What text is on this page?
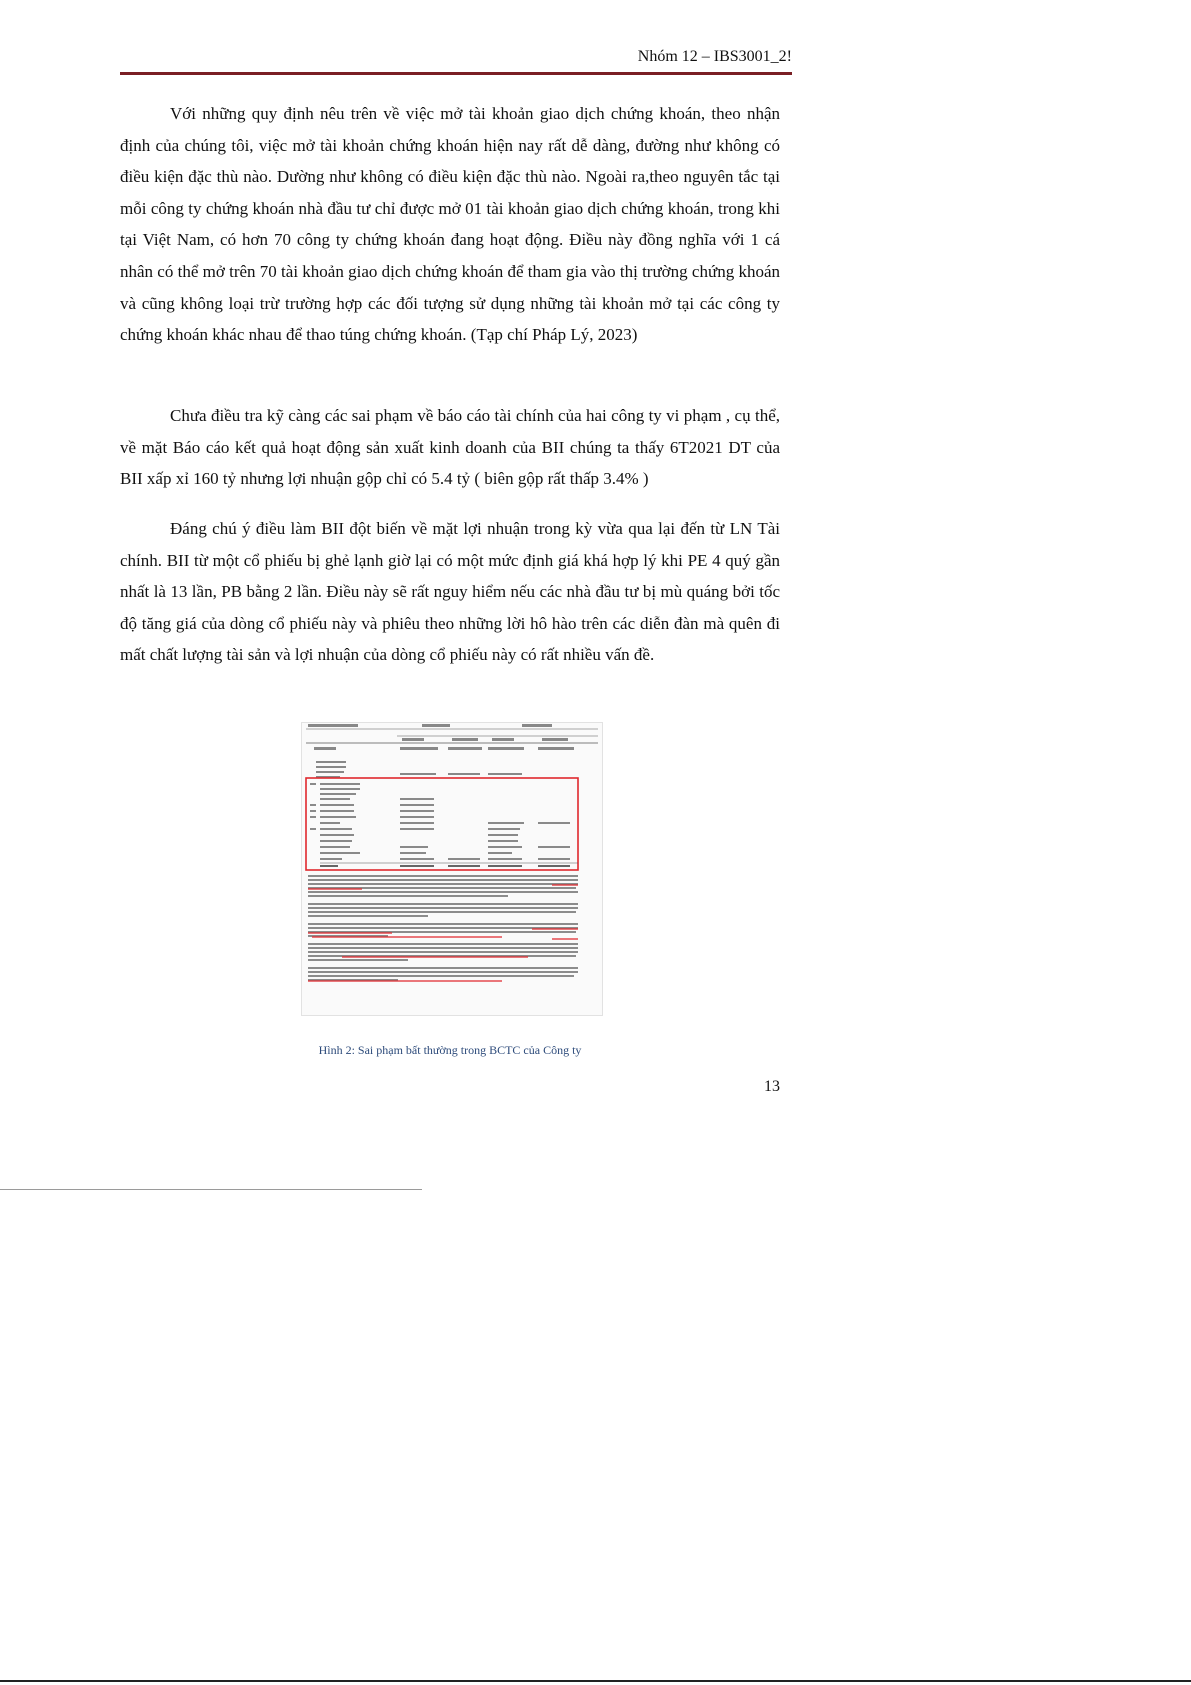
Nhóm 12 – IBS3001_2!

Với những quy định nêu trên về việc mở tài khoản giao dịch chứng khoán, theo nhận định của chúng tôi, việc mở tài khoản chứng khoán hiện nay rất dễ dàng, đường như không có điều kiện đặc thù nào. Dường như không có điều kiện đặc thù nào. Ngoài ra,theo nguyên tắc tại mỗi công ty chứng khoán nhà đầu tư chỉ được mở 01 tài khoản giao dịch chứng khoán, trong khi tại Việt Nam, có hơn 70 công ty chứng khoán đang hoạt động. Điều này đồng nghĩa với 1 cá nhân có thể mở trên 70 tài khoản giao dịch chứng khoán để tham gia vào thị trường chứng khoán và cũng không loại trừ trường hợp các đối tượng sử dụng những tài khoản mở tại các công ty chứng khoán khác nhau để thao túng chứng khoán. (Tạp chí Pháp Lý, 2023)

Chưa điều tra kỹ càng các sai phạm về báo cáo tài chính của hai công ty vi phạm , cụ thể, về mặt Báo cáo kết quả hoạt động sản xuất kinh doanh của BII chúng ta thấy 6T2021 DT của BII xấp xỉ 160 tỷ nhưng lợi nhuận gộp chỉ có 5.4 tỷ ( biên gộp rất thấp 3.4% )

Đáng chú ý điều làm BII đột biến về mặt lợi nhuận trong kỳ vừa qua lại đến từ LN Tài chính. BII từ một cổ phiếu bị ghẻ lạnh giờ lại có một mức định giá khá hợp lý khi PE 4 quý gần nhất là 13 lần, PB bằng 2 lần. Điều này sẽ rất nguy hiểm nếu các nhà đầu tư bị mù quáng bởi tốc độ tăng giá của dòng cổ phiếu này và phiêu theo những lời hô hào trên các diễn đàn mà quên đi mất chất lượng tài sản và lợi nhuận của dòng cổ phiếu này có rất nhiều vấn đề.

Hình 2: Sai phạm bất thường trong BCTC của Công ty
13
